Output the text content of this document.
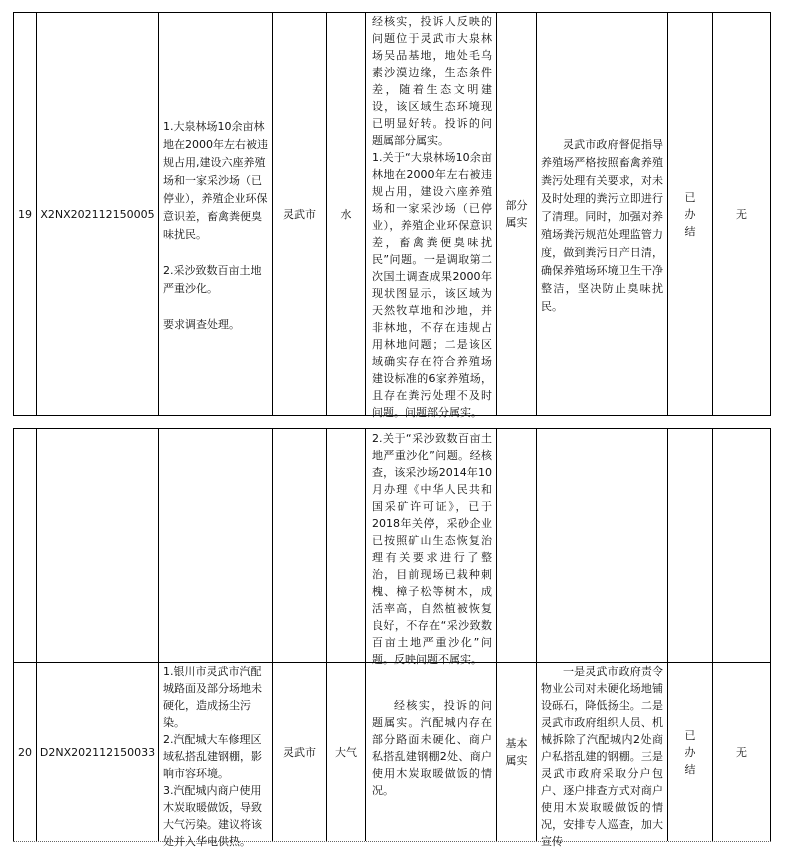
19 X2NX202112150005
1.大泉林场10余亩林地在2000年左右被违规占用,建设六座养殖场和一家采沙场（已停业），养殖企业环保意识差，畜禽粪便臭味扰民。

2.采沙致数百亩土地严重沙化。

要求调查处理。
灵武市	水
经核实，投诉人反映的问题位于灵武市大泉林场吴品基地，地处毛乌素沙漠边缘，生态条件差，随着生态文明建设，该区域生态环境现已明显好转。投诉的问题属部分属实。
1.关于“大泉林场10余亩林地在2000年左右被违规占用，建设六座养殖场和一家采沙场（已停业），养殖企业环保意识差，畜禽粪便臭味扰民”问题。一是调取第二次国土调查成果2000年现状图显示，该区域为天然牧草地和沙地，并非林地，不存在违规占用林地问题；二是该区域确实存在符合养殖场建设标准的6家养殖场，且存在粪污处理不及时问题。问题部分属实。
部分属实
灵武市政府督促指导养殖场严格按照畜禽养殖粪污处理有关要求，对未及时处理的粪污立即进行了清理。同时，加强对养殖场粪污规范处理监管力度，做到粪污日产日清，确保养殖场环境卫生干净整洁，坚决防止臭味扰民。
已办结
无
2.关于“采沙致数百亩土地严重沙化”问题。经核查，该采沙场2014年10月办理《中华人民共和国采矿许可证》，已于2018年关停，采砂企业已按照矿山生态恢复治理有关要求进行了整治，目前现场已栽种刺槐、樟子松等树木，成活率高，自然植被恢复良好，不存在“采沙致数百亩土地严重沙化”问题。反映问题不属实。
20 D2NX202112150033
1.银川市灵武市汽配城路面及部分场地未硬化，造成扬尘污染。
2.汽配城大车修理区域私搭乱建钢棚，影响市容环境。
3.汽配城内商户使用木炭取暖做饭，导致大气污染。建议将该处并入华电供热。
灵武市	大气
经核实，投诉的问题属实。汽配城内存在部分路面未硬化、商户私搭乱建钢棚2处、商户使用木炭取暖做饭的情况。
基本属实
一是灵武市政府责令物业公司对未硬化场地铺设砾石，降低扬尘。二是灵武市政府组织人员、机械拆除了汽配城内2处商户私搭乱建的钢棚。三是灵武市政府采取分户包户、逐户排查方式对商户使用木炭取暖做饭的情况，安排专人巡查，加大宣传
已办结
无
